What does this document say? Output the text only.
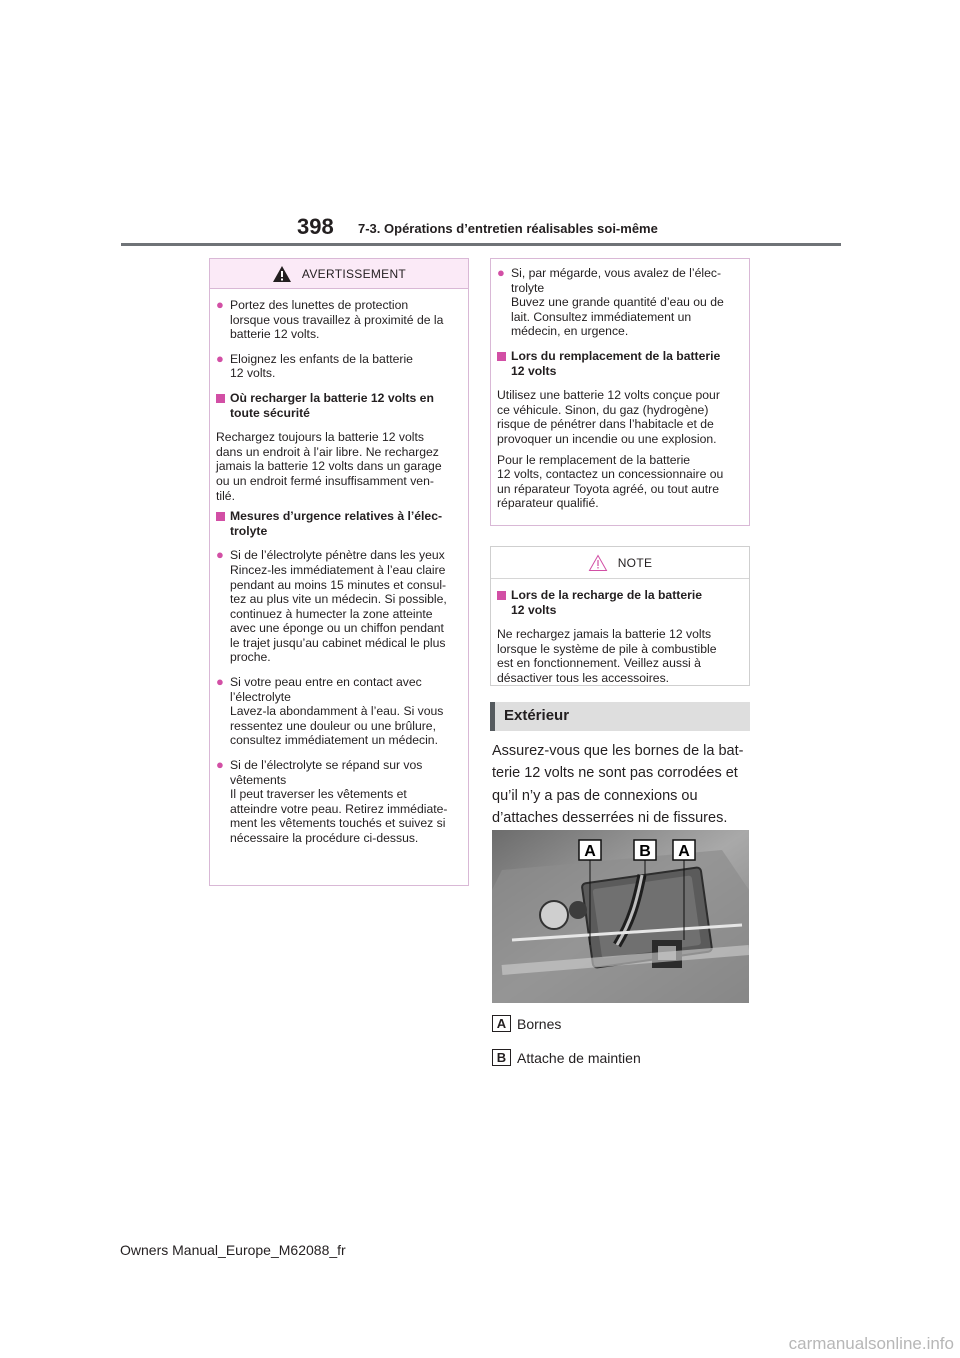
398 7-3. Opérations d’entretien réalisables soi-même
AVERTISSEMENT
● Portez des lunettes de protection
lorsque vous travaillez à proximité de la
batterie 12 volts.
● Eloignez les enfants de la batterie
12 volts.
Où recharger la batterie 12 volts en
toute sécurité
Rechargez toujours la batterie 12 volts
dans un endroit à l’air libre. Ne rechargez
jamais la batterie 12 volts dans un garage
ou un endroit fermé insuffisamment ven-
tilé.
Mesures d’urgence relatives à l’élec-
trolyte
● Si de l’électrolyte pénètre dans les yeux
Rincez-les immédiatement à l’eau claire
pendant au moins 15 minutes et consul-
tez au plus vite un médecin. Si possible,
continuez à humecter la zone atteinte
avec une éponge ou un chiffon pendant
le trajet jusqu’au cabinet médical le plus
proche.
● Si votre peau entre en contact avec
l’électrolyte
Lavez-la abondamment à l’eau. Si vous
ressentez une douleur ou une brûlure,
consultez immédiatement un médecin.
● Si de l’électrolyte se répand sur vos
vêtements
Il peut traverser les vêtements et
atteindre votre peau. Retirez immédiate-
ment les vêtements touchés et suivez si
nécessaire la procédure ci-dessus.
● Si, par mégarde, vous avalez de l’élec-
trolyte
Buvez une grande quantité d’eau ou de
lait. Consultez immédiatement un
médecin, en urgence.
Lors du remplacement de la batterie
12 volts
Utilisez une batterie 12 volts conçue pour
ce véhicule. Sinon, du gaz (hydrogène)
risque de pénétrer dans l’habitacle et de
provoquer un incendie ou une explosion.
Pour le remplacement de la batterie
12 volts, contactez un concessionnaire ou
un réparateur Toyota agréé, ou tout autre
réparateur qualifié.
NOTE
Lors de la recharge de la batterie
12 volts
Ne rechargez jamais la batterie 12 volts
lorsque le système de pile à combustible
est en fonctionnement. Veillez aussi à
désactiver tous les accessoires.
Extérieur
Assurez-vous que les bornes de la bat-
terie 12 volts ne sont pas corrodées et
qu’il n’y a pas de connexions ou
d’attaches desserrées ni de fissures.
A	B A
A Bornes
B Attache de maintien
Owners Manual_Europe_M62088_fr
carmanualsonline.info
